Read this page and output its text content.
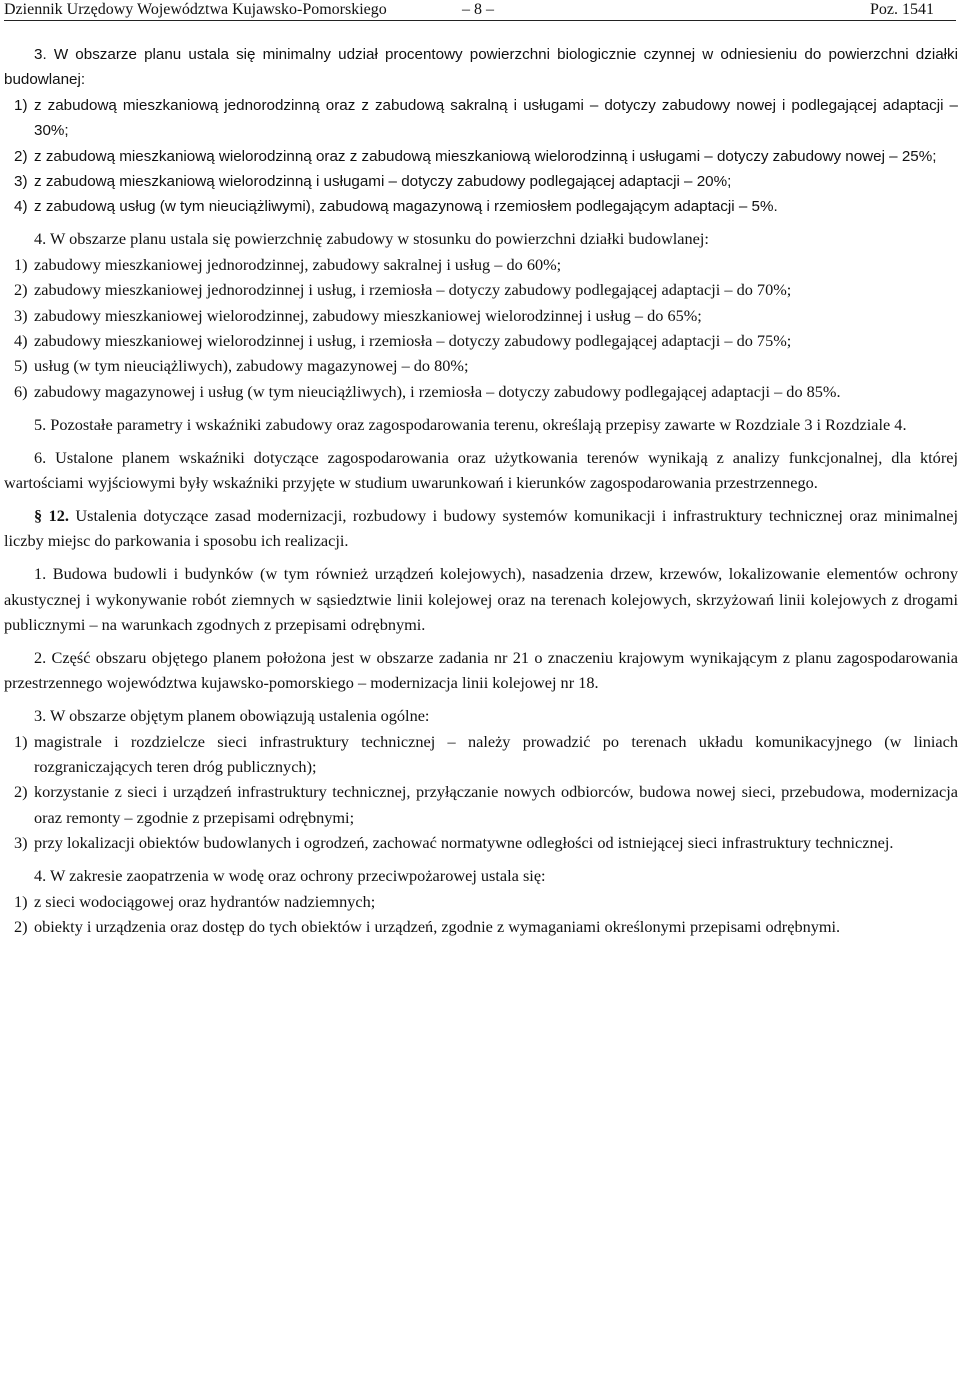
Dziennik Urzędowy Województwa Kujawsko-Pomorskiego	– 8 –	Poz. 1541

3. W obszarze planu ustala się minimalny udział procentowy powierzchni biologicznie czynnej w odniesieniu do powierzchni działki budowlanej:

1) z zabudową mieszkaniową jednorodzinną oraz z zabudową sakralną i usługami – dotyczy zabudowy nowej i podlegającej adaptacji – 30%;
2) z zabudową mieszkaniową wielorodzinną oraz z zabudową mieszkaniową wielorodzinną i usługami – dotyczy zabudowy nowej – 25%;
3) z zabudową mieszkaniową wielorodzinną i usługami – dotyczy zabudowy podlegającej adaptacji – 20%;
4) z zabudową usług (w tym nieuciążliwymi), zabudową magazynową i rzemiosłem podlegającym adaptacji – 5%.

4. W obszarze planu ustala się powierzchnię zabudowy w stosunku do powierzchni działki budowlanej:

1) zabudowy mieszkaniowej jednorodzinnej, zabudowy sakralnej i usług – do 60%;
2) zabudowy mieszkaniowej jednorodzinnej i usług, i rzemiosła – dotyczy zabudowy podlegającej adaptacji – do 70%;
3) zabudowy mieszkaniowej wielorodzinnej, zabudowy mieszkaniowej wielorodzinnej i usług – do 65%;
4) zabudowy mieszkaniowej wielorodzinnej i usług, i rzemiosła – dotyczy zabudowy podlegającej adaptacji – do 75%;
5) usług (w tym nieuciążliwych), zabudowy magazynowej – do 80%;
6) zabudowy magazynowej i usług (w tym nieuciążliwych), i rzemiosła – dotyczy zabudowy podlegającej adaptacji – do 85%.

5. Pozostałe parametry i wskaźniki zabudowy oraz zagospodarowania terenu, określają przepisy zawarte w Rozdziale 3 i Rozdziale 4.

6. Ustalone planem wskaźniki dotyczące zagospodarowania oraz użytkowania terenów wynikają z analizy funkcjonalnej, dla której wartościami wyjściowymi były wskaźniki przyjęte w studium uwarunkowań i kierunków zagospodarowania przestrzennego.

§ 12. Ustalenia dotyczące zasad modernizacji, rozbudowy i budowy systemów komunikacji i infrastruktury technicznej oraz minimalnej liczby miejsc do parkowania i sposobu ich realizacji.

1. Budowa budowli i budynków (w tym również urządzeń kolejowych), nasadzenia drzew, krzewów, lokalizowanie elementów ochrony akustycznej i wykonywanie robót ziemnych w sąsiedztwie linii kolejowej oraz na terenach kolejowych, skrzyżowań linii kolejowych z drogami publicznymi – na warunkach zgodnych z przepisami odrębnymi.

2. Część obszaru objętego planem położona jest w obszarze zadania nr 21 o znaczeniu krajowym wynikającym z planu zagospodarowania przestrzennego województwa kujawsko-pomorskiego – modernizacja linii kolejowej nr 18.

3. W obszarze objętym planem obowiązują ustalenia ogólne:

1) magistrale i rozdzielcze sieci infrastruktury technicznej – należy prowadzić po terenach układu komunikacyjnego (w liniach rozgraniczających teren dróg publicznych);
2) korzystanie z sieci i urządzeń infrastruktury technicznej, przyłączanie nowych odbiorców, budowa nowej sieci, przebudowa, modernizacja oraz remonty – zgodnie z przepisami odrębnymi;
3) przy lokalizacji obiektów budowlanych i ogrodzeń, zachować normatywne odległości od istniejącej sieci infrastruktury technicznej.

4. W zakresie zaopatrzenia w wodę oraz ochrony przeciwpożarowej ustala się:

1) z sieci wodociągowej oraz hydrantów nadziemnych;
2) obiekty i urządzenia oraz dostęp do tych obiektów i urządzeń, zgodnie z wymaganiami określonymi przepisami odrębnymi.
